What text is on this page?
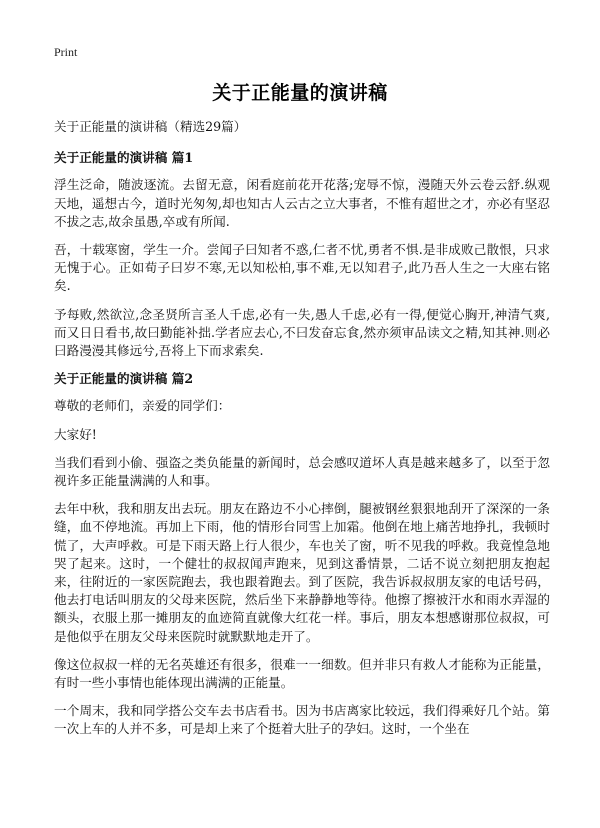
Print
关于正能量的演讲稿

关于正能量的演讲稿（精选29篇）

关于正能量的演讲稿 篇1

浮生泛命，随波逐流。去留无意，闲看庭前花开花落;宠辱不惊，漫随天外云卷云舒.纵观天地，遥想古今，道时光匆匆,却也知古人云古之立大事者，不惟有超世之才，亦必有坚忍不拔之志,故余虽愚,卒或有所闻.

吾，十载寒窗，学生一介。尝闻子曰知者不惑,仁者不忧,勇者不惧.是非成败己散恨，只求无愧于心。正如荀子曰岁不寒,无以知松柏,事不难,无以知君子,此乃吾人生之一大座右铭矣.

予每败,然欲泣,念圣贤所言圣人千虑,必有一失,愚人千虑,必有一得,便觉心胸开,神清气爽,而又日日看书,故曰勤能补拙.学者应去心,不曰发奋忘食,然亦须审品读文之精,知其神.则必曰路漫漫其修远兮,吾将上下而求索矣.

关于正能量的演讲稿 篇2

尊敬的老师们，亲爱的同学们：

大家好!

当我们看到小偷、强盗之类负能量的新闻时，总会感叹道坏人真是越来越多了，以至于忽视许多正能量满满的人和事。

去年中秋，我和朋友出去玩。朋友在路边不小心摔倒，腿被钢丝狠狠地刮开了深深的一条缝，血不停地流。再加上下雨，他的情形台同雪上加霜。他倒在地上痛苦地挣扎，我顿时慌了，大声呼救。可是下雨天路上行人很少，车也关了窗，听不见我的呼救。我竟惶急地哭了起来。这时，一个健壮的叔叔闻声跑来，见到这番情景，二话不说立刻把朋友抱起来，往附近的一家医院跑去，我也跟着跑去。到了医院，我告诉叔叔朋友家的电话号码，他去打电话叫朋友的父母来医院，然后坐下来静静地等待。他擦了擦被汗水和雨水弄湿的额头，衣服上那一摊朋友的血迹简直就像大红花一样。事后，朋友本想感谢那位叔叔，可是他似乎在朋友父母来医院时就默默地走开了。

像这位叔叔一样的无名英雄还有很多，很难一一细数。但并非只有救人才能称为正能量，有时一些小事情也能体现出满满的正能量。

一个周末，我和同学搭公交车去书店看书。因为书店离家比较远，我们得乘好几个站。第一次上车的人并不多，可是却上来了个挺着大肚子的孕妇。这时，一个坐在
